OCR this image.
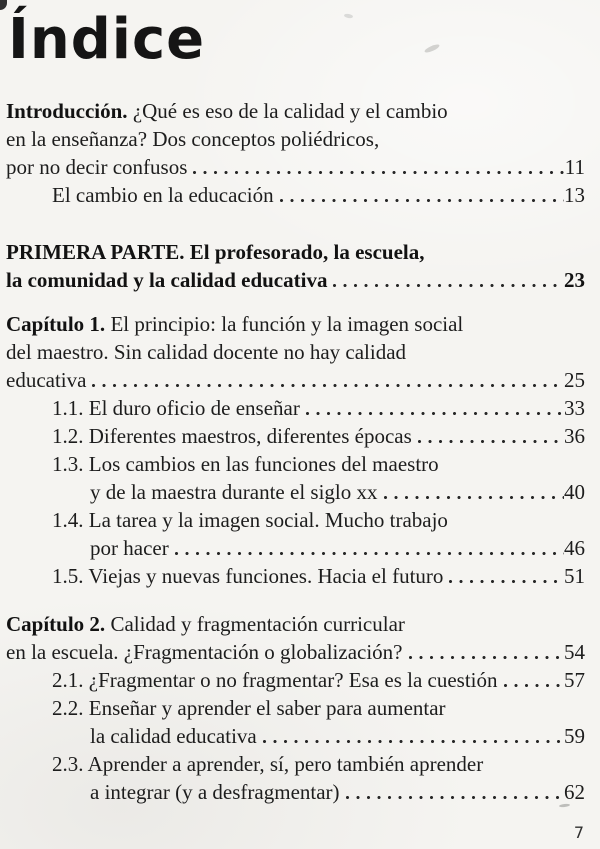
Índice
Introducción. ¿Qué es eso de la calidad y el cambio
en la enseñanza? Dos conceptos poliédricos,
por no decir confusos	11
El cambio en la educación	13
PRIMERA PARTE. El profesorado, la escuela,
la comunidad y la calidad educativa	23
Capítulo 1. El principio: la función y la imagen social
del maestro. Sin calidad docente no hay calidad
educativa	25
1.1. El duro oficio de enseñar	33
1.2. Diferentes maestros, diferentes épocas	36
1.3. Los cambios en las funciones del maestro
y de la maestra durante el siglo xx	40
1.4. La tarea y la imagen social. Mucho trabajo
por hacer	46
1.5. Viejas y nuevas funciones. Hacia el futuro	51
Capítulo 2. Calidad y fragmentación curricular
en la escuela. ¿Fragmentación o globalización?	54
2.1. ¿Fragmentar o no fragmentar? Esa es la cuestión	57
2.2. Enseñar y aprender el saber para aumentar
la calidad educativa	59
2.3. Aprender a aprender, sí, pero también aprender
a integrar (y a desfragmentar)	62
7
